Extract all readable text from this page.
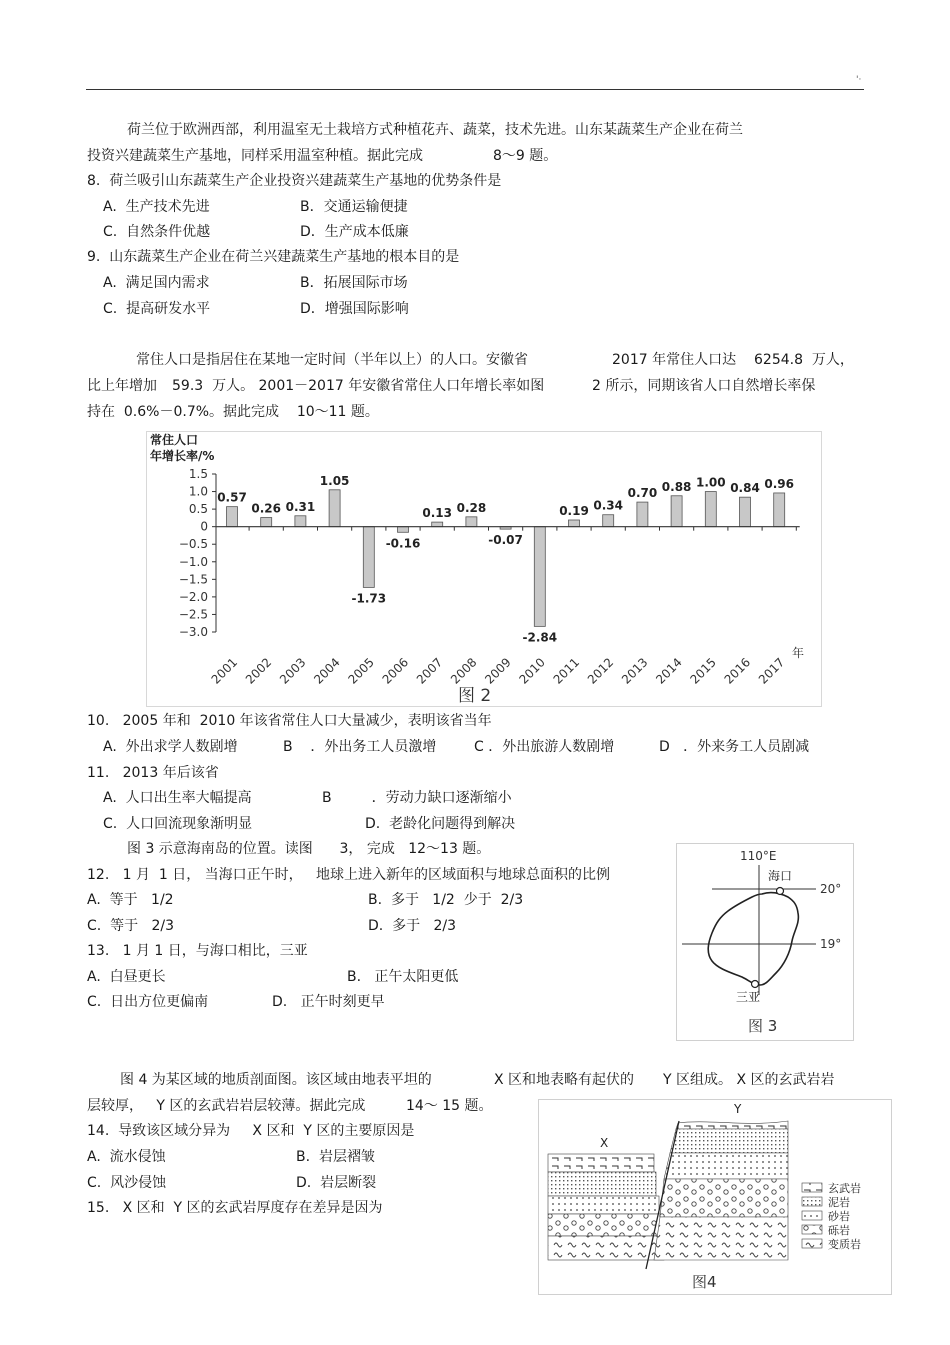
'·
荷兰位于欧洲西部，利用温室无土栽培方式种植花卉、蔬菜，技术先进。山东某蔬菜生产企业在荷兰
投资兴建蔬菜生产基地，同样采用温室种植。据此完成	8～9 题。
8.  荷兰吸引山东蔬菜生产企业投资兴建蔬菜生产基地的优势条件是
A.  生产技术先进	B．交通运输便捷
C.  自然条件优越	D．生产成本低廉
9.  山东蔬菜生产企业在荷兰兴建蔬菜生产基地的根本目的是
A.  满足国内需求	B．拓展国际市场
C.  提高研发水平	D．增强国际影响
常住人口是指居住在某地一定时间（半年以上）的人口。安徽省	2017 年常住人口达 6254.8  万人，
比上年增加 59.3  万人。 2001－2017 年安徽省常住人口年增长率如图	2 所示，同期该省人口自然增长率保
持在  0.6%－0.7%。据此完成    10～11 题。
常住人口
年增长率/%
1.5
1.0
0.5
0
−0.5
−1.0
−1.5
−2.0
−2.5
−3.0
0.57
0.26 0.31
1.05
-1.73
-0.16
0.13 0.28
-0.07
-2.84
0.19 0.34
0.70 0.88 1.00 0.84 0.96
2001 2002 2003 2004 2005 2006 2007 2008 2009 2010 2011 2012 2013 2014 2015 2016 2017
年
图 2
10.   2005 年和  2010 年该省常住人口大量减少，表明该省当年
A.  外出求学人数剧增	B    ．外出务工人员激增	C ．外出旅游人数剧增	D   ．外来务工人员剧减
11.   2013 年后该省
A.  人口出生率大幅提高	B         ．劳动力缺口逐渐缩小
C.  人口回流现象渐明显	D.  老龄化问题得到解决
图 3 示意海南岛的位置。读图      3， 完成   12～13 题。
12.   1 月  1 日， 当海口正午时，   地球上进入新年的区域面积与地球总面积的比例
A.  等于   1/2	B.  多于   1/2  少于  2/3
C.  等于   2/3	D.  多于   2/3
13.   1 月 1 日，与海口相比，三亚
A.  白昼更长	B.   正午太阳更低
C.  日出方位更偏南	D.   正午时刻更早
110°E
20°
19°
海口
三亚
图 3
图 4 为某区域的地质剖面图。该区域由地表平坦的	X 区和地表略有起伏的 Y 区组成。 X 区的玄武岩岩
层较厚，   Y 区的玄武岩岩层较薄。据此完成	14～ 15 题。
14.  导致该区域分异为     X 区和  Y 区的主要原因是
A.  流水侵蚀	B.  岩层褶皱
C.  风沙侵蚀	D.  岩层断裂
15.   X 区和  Y 区的玄武岩厚度存在差异是因为
X
Y
玄武岩
泥岩
砂岩
砾岩
变质岩
图4
